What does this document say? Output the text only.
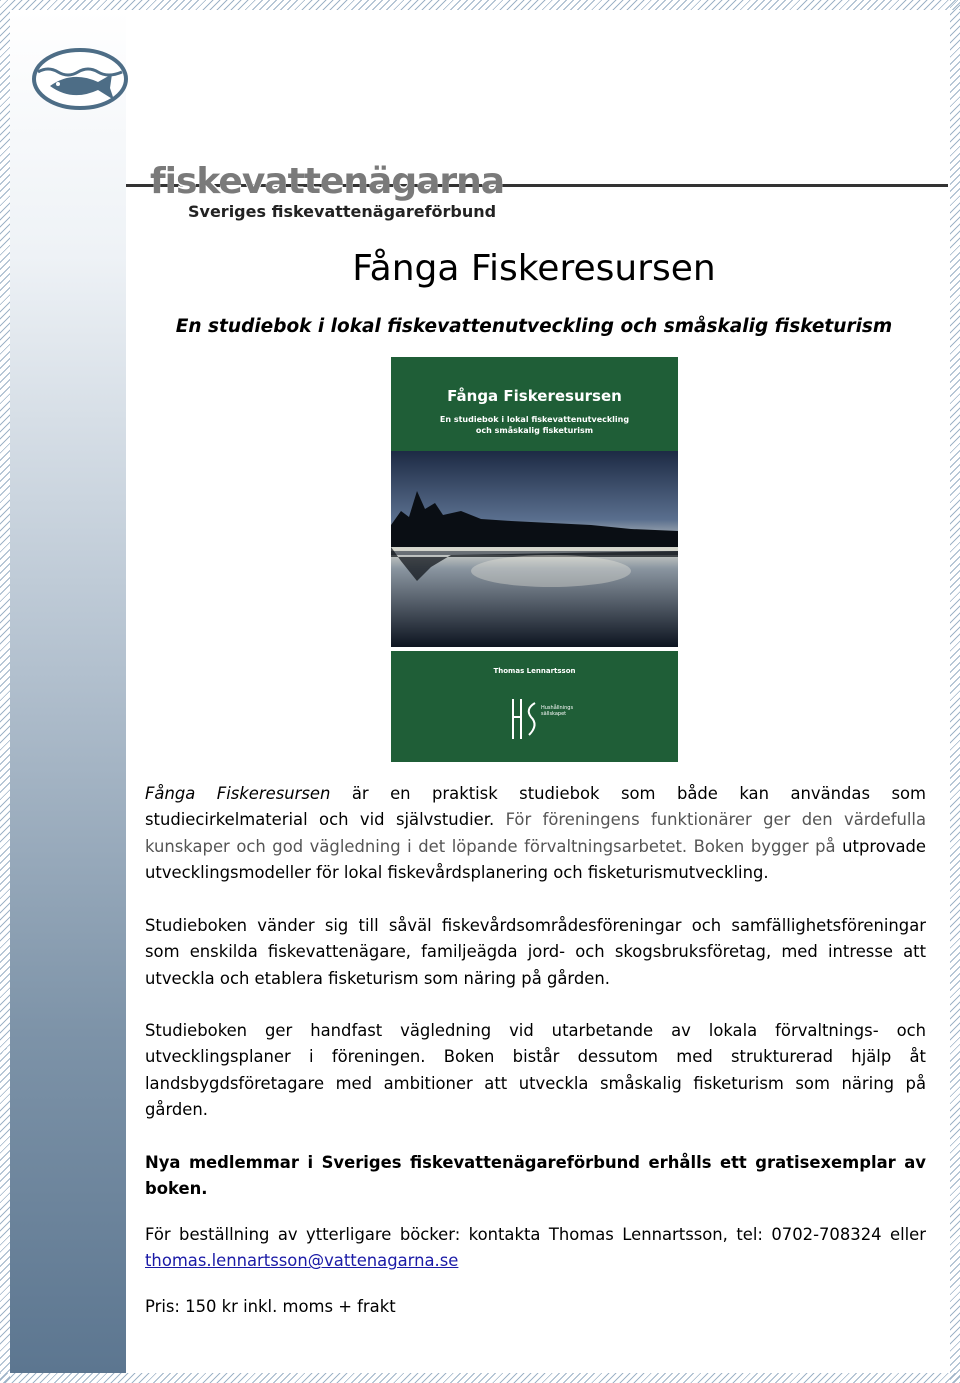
fiskevattenägarna
Sveriges fiskevattenägareförbund
Fånga Fiskeresursen
En studiebok i lokal fiskevattenutveckling och småskalig fisketurism
Fånga Fiskeresursen
En studiebok i lokal fiskevattenutveckling
och småskalig fisketurism
Thomas Lennartsson
Hushållnings
sällskapet
Fånga Fiskeresursen är en praktisk studiebok som både kan användas som studiecirkelmaterial och vid självstudier. För föreningens funktionärer ger den värdefulla kunskaper och god vägledning i det löpande förvaltningsarbetet. Boken bygger på utprovade utvecklingsmodeller för lokal fiskevårdsplanering och fisketurismutveckling.
Studieboken vänder sig till såväl fiskevårdsområdesföreningar och samfällighetsföreningar som enskilda fiskevattenägare, familjeägda jord- och skogsbruksföretag, med intresse att utveckla och etablera fisketurism som näring på gården.
Studieboken ger handfast vägledning vid utarbetande av lokala förvaltnings- och utvecklingsplaner i föreningen. Boken bistår dessutom med strukturerad hjälp åt landsbygdsföretagare med ambitioner att utveckla småskalig fisketurism som näring på gården.
Nya medlemmar i Sveriges fiskevattenägareförbund erhålls ett gratisexemplar av boken.
För beställning av ytterligare böcker: kontakta Thomas Lennartsson, tel: 0702-708324 eller thomas.lennartsson@vattenagarna.se
Pris: 150 kr inkl. moms + frakt
